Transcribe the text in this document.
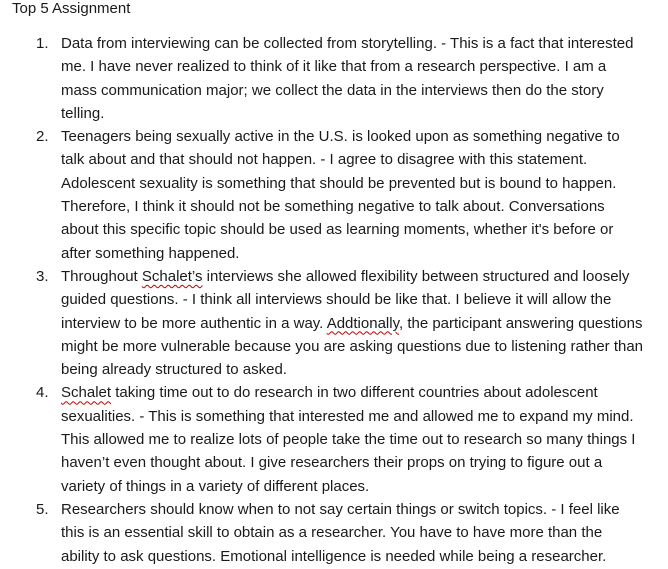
Top 5 Assignment

1. Data from interviewing can be collected from storytelling. - This is a fact that interested me. I have never realized to think of it like that from a research perspective. I am a mass communication major; we collect the data in the interviews then do the story telling.
2. Teenagers being sexually active in the U.S. is looked upon as something negative to talk about and that should not happen. - I agree to disagree with this statement. Adolescent sexuality is something that should be prevented but is bound to happen. Therefore, I think it should not be something negative to talk about. Conversations about this specific topic should be used as learning moments, whether it's before or after something happened.
3. Throughout Schalet’s interviews she allowed flexibility between structured and loosely guided questions. - I think all interviews should be like that. I believe it will allow the interview to be more authentic in a way. Addtionally, the participant answering questions might be more vulnerable because you are asking questions due to listening rather than being already structured to asked.
4. Schalet taking time out to do research in two different countries about adolescent sexualities. - This is something that interested me and allowed me to expand my mind. This allowed me to realize lots of people take the time out to research so many things I haven’t even thought about. I give researchers their props on trying to figure out a variety of things in a variety of different places.
5. Researchers should know when to not say certain things or switch topics. - I feel like this is an essential skill to obtain as a researcher. You have to have more than the ability to ask questions. Emotional intelligence is needed while being a researcher.
